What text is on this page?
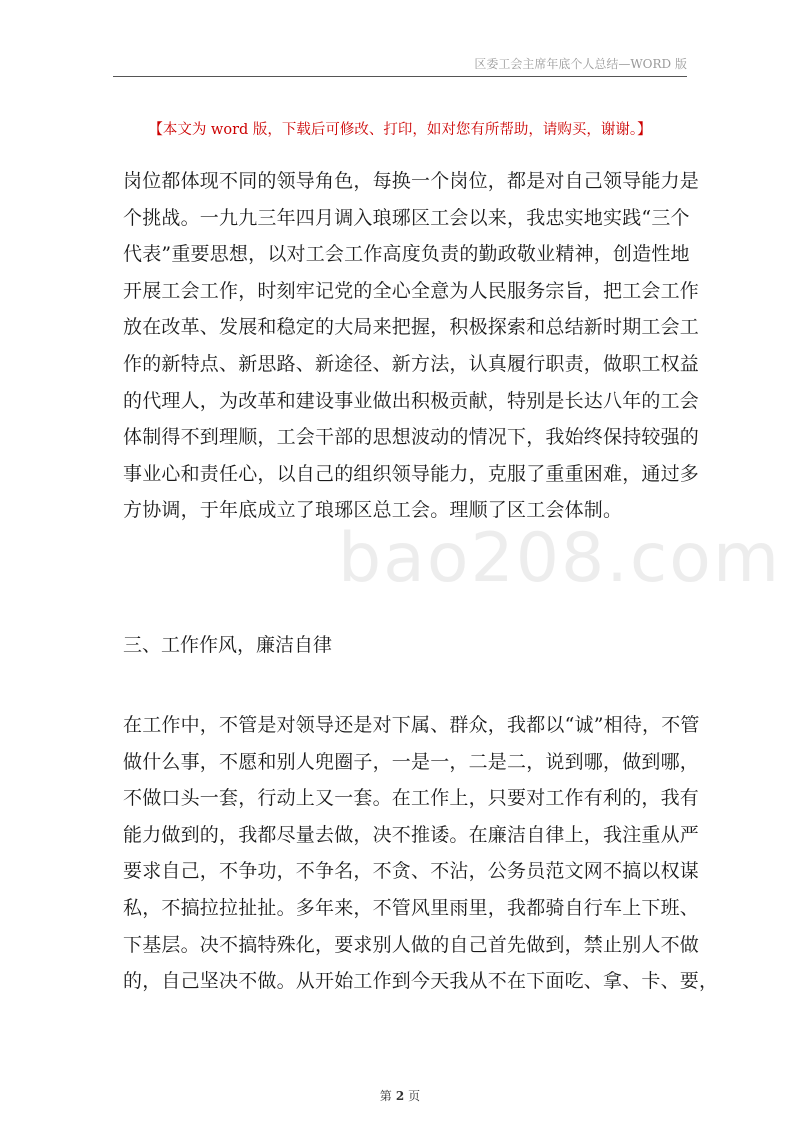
区委工会主席年底个人总结—WORD 版
【本文为 word 版，下载后可修改、打印，如对您有所帮助，请购买，谢谢。】
岗位都体现不同的领导角色，每换一个岗位，都是对自己领导能力是
个挑战。一九九三年四月调入琅琊区工会以来，我忠实地实践“三个
代表”重要思想，以对工会工作高度负责的勤政敬业精神，创造性地
开展工会工作，时刻牢记党的全心全意为人民服务宗旨，把工会工作
放在改革、发展和稳定的大局来把握，积极探索和总结新时期工会工
作的新特点、新思路、新途径、新方法，认真履行职责，做职工权益
的代理人，为改革和建设事业做出积极贡献，特别是长达八年的工会
体制得不到理顺，工会干部的思想波动的情况下，我始终保持较强的
事业心和责任心，以自己的组织领导能力，克服了重重困难，通过多
方协调，于年底成立了琅琊区总工会。理顺了区工会体制。
bao208.com
三、工作作风，廉洁自律
在工作中，不管是对领导还是对下属、群众，我都以“诚”相待，不管
做什么事，不愿和别人兜圈子，一是一，二是二，说到哪，做到哪，
不做口头一套，行动上又一套。在工作上，只要对工作有利的，我有
能力做到的，我都尽量去做，决不推诿。在廉洁自律上，我注重从严
要求自己，不争功，不争名，不贪、不沾，公务员范文网不搞以权谋
私，不搞拉拉扯扯。多年来，不管风里雨里，我都骑自行车上下班、
下基层。决不搞特殊化，要求别人做的自己首先做到，禁止别人不做
的，自己坚决不做。从开始工作到今天我从不在下面吃、拿、卡、要，
第 2 页
